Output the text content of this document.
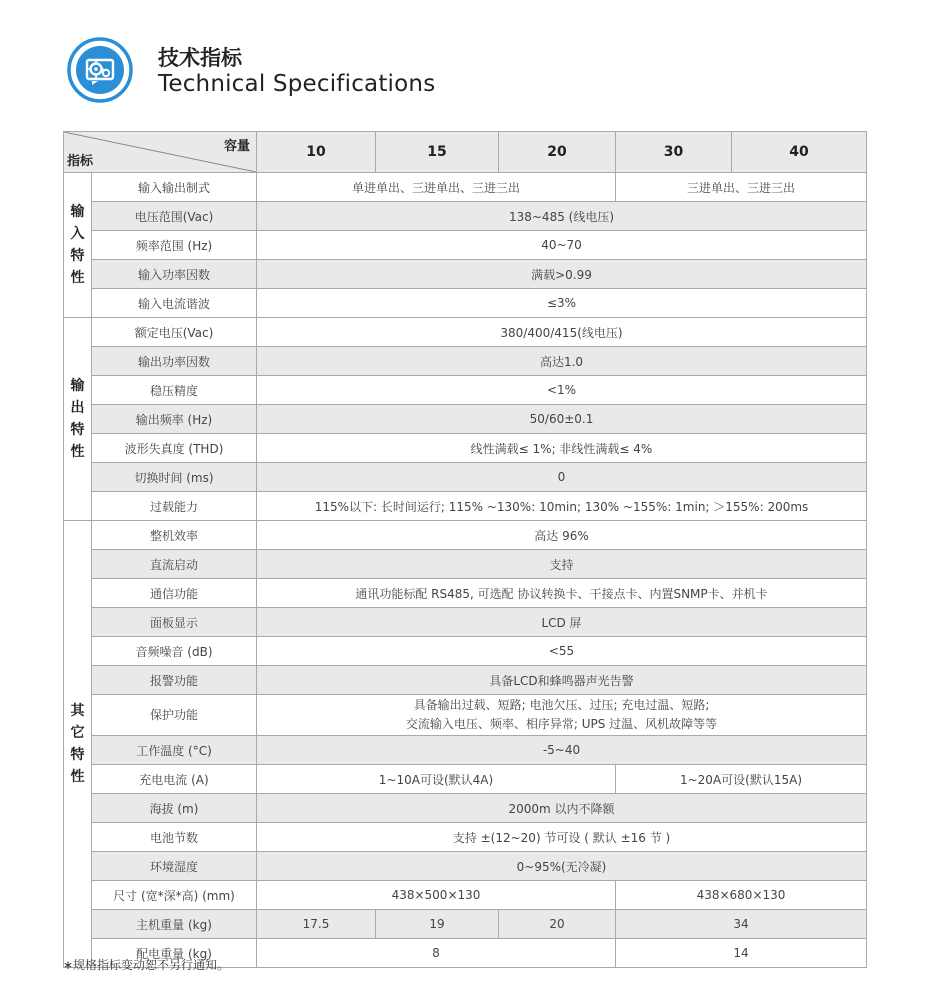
技术指标
Technical Specifications
容量
指标		10	15	20	30	40

输
入
特
性	输入输出制式	单进单出、三进单出、三进三出			三进单出、三进三出	
	电压范围(Vac)	138~485 (线电压)				
	频率范围 (Hz)	40~70				
	输入功率因数	满载>0.99				
	输入电流谐波	≤3%				

输
出
特
性	额定电压(Vac)	380/400/415(线电压)				
	输出功率因数	高达1.0				
	稳压精度	<1%				
	输出频率 (Hz)	50/60±0.1				
	波形失真度 (THD)	线性满载≤ 1%; 非线性满载≤ 4%				
	切换时间 (ms)	0				
	过载能力	115%以下: 长时间运行; 115% ~130%: 10min; 130% ~155%: 1min; ＞155%: 200ms				

其
它
特
性	整机效率	高达 96%				
	直流启动	支持				
	通信功能	通讯功能标配 RS485, 可选配 协议转换卡、干接点卡、内置SNMP卡、并机卡				
	面板显示	LCD 屏				
	音频噪音 (dB)	<55				
	报警功能	具备LCD和蜂鸣器声光告警				
	保护功能	具备输出过载、短路; 电池欠压、过压; 充电过温、短路;
交流输入电压、频率、相序异常; UPS 过温、风机故障等等				

	工作温度 (°C)	-5~40				
	充电电流 (A)	1~10A可设(默认4A)			1~20A可设(默认15A)	
	海拔 (m)	2000m 以内不降额				
	电池节数	支持 ±(12~20) 节可设 ( 默认 ±16 节 )				
	环境湿度	0~95%(无冷凝)				
	尺寸 (宽*深*高) (mm)	438×500×130			438×680×130	
	主机重量 (kg)	17.5	19	20	34	
	配电重量 (kg)	8			14	
∗规格指标变动恕不另行通知。
